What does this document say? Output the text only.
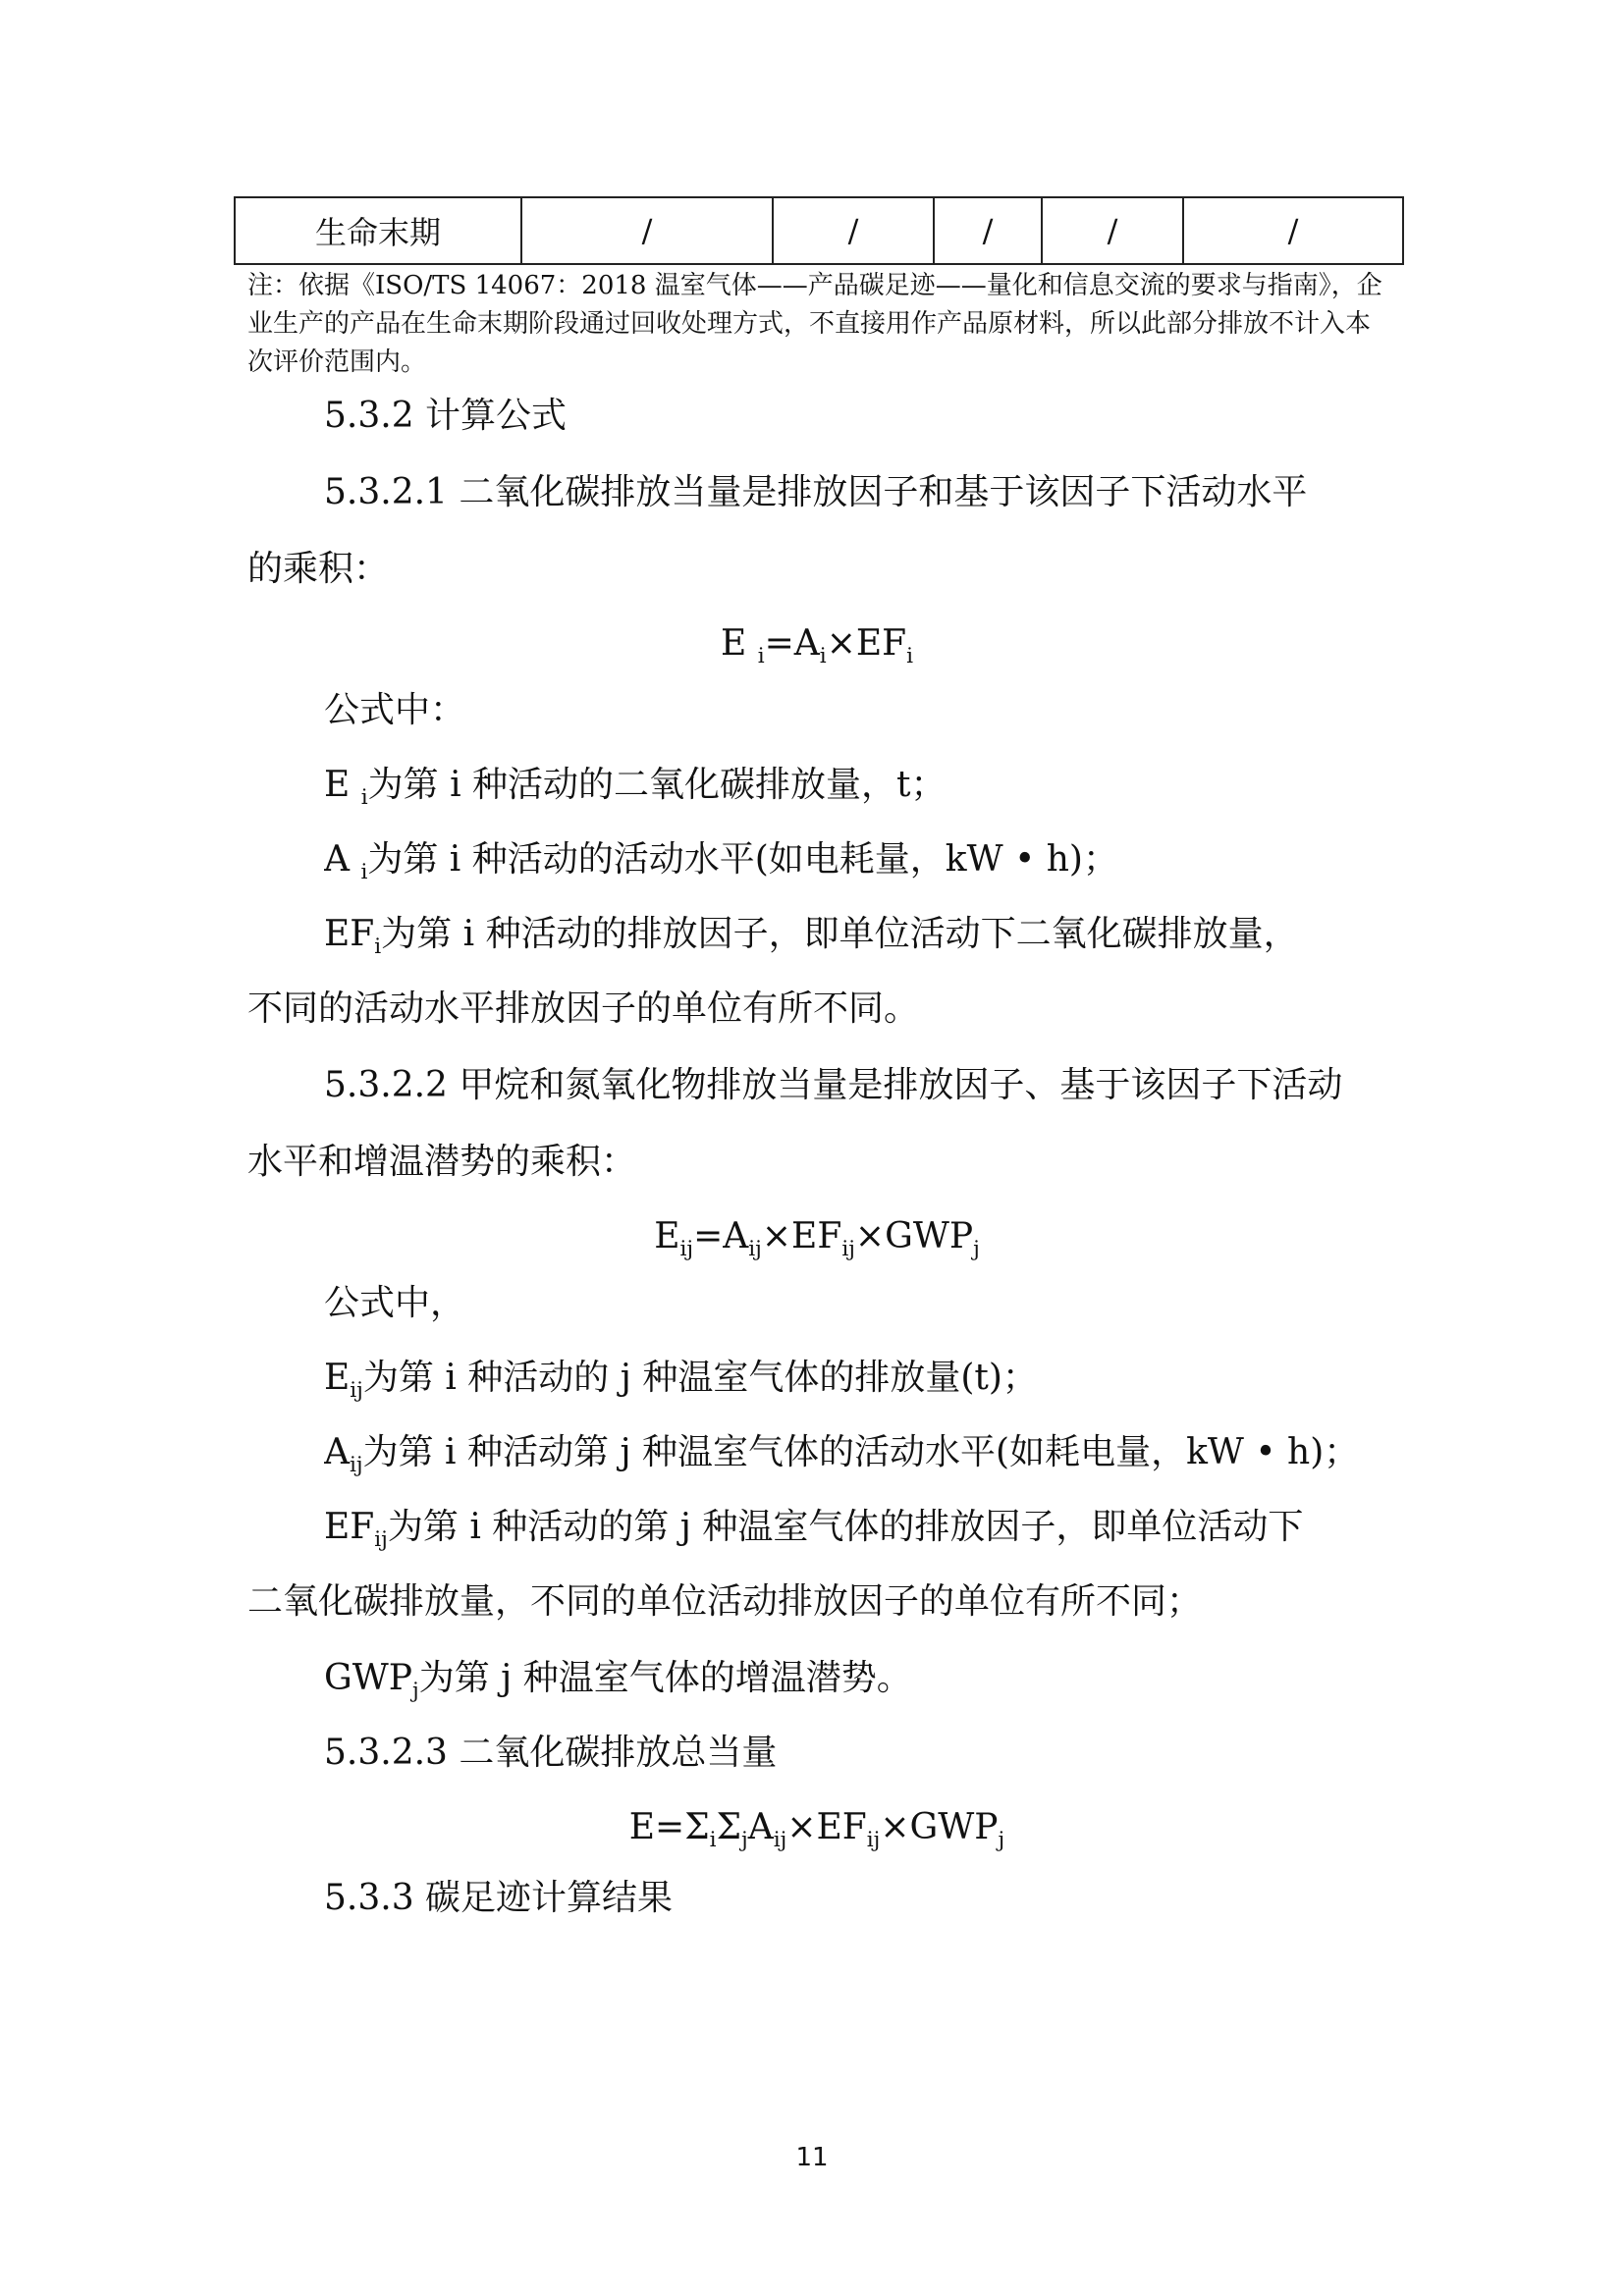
生命末期	/	/	/	/	/

注：依据《ISO/TS 14067：2018 温室气体——产品碳足迹——量化和信息交流的要求与指南》，企业生产的产品在生命末期阶段通过回收处理方式，不直接用作产品原材料，所以此部分排放不计入本次评价范围内。

5.3.2 计算公式

5.3.2.1 二氧化碳排放当量是排放因子和基于该因子下活动水平

的乘积：

E $_i=A_i\times EF_i$

公式中：

E $_i$为第 i 种活动的二氧化碳排放量，t；

A $_i$为第 i 种活动的活动水平(如电耗量，kW • h)；

$EF_i$为第 i 种活动的排放因子，即单位活动下二氧化碳排放量，

不同的活动水平排放因子的单位有所不同。

5.3.2.2 甲烷和氮氧化物排放当量是排放因子、基于该因子下活动

水平和增温潜势的乘积：

$E_{ij}=A_{ij}\times EF_{ij}\times GWP_j$

公式中，

$E_{ij}$为第 i 种活动的 j 种温室气体的排放量(t)；

$A_{ij}$为第 i 种活动第 j 种温室气体的活动水平(如耗电量，kW • h)；

$EF_{ij}$为第 i 种活动的第 j 种温室气体的排放因子，即单位活动下

二氧化碳排放量，不同的单位活动排放因子的单位有所不同；

$GWP_j$为第 j 种温室气体的增温潜势。

5.3.2.3 二氧化碳排放总当量

$E=\Sigma_i\Sigma_jA_{ij}\times EF_{ij}\times GWP_j$

5.3.3 碳足迹计算结果

11
